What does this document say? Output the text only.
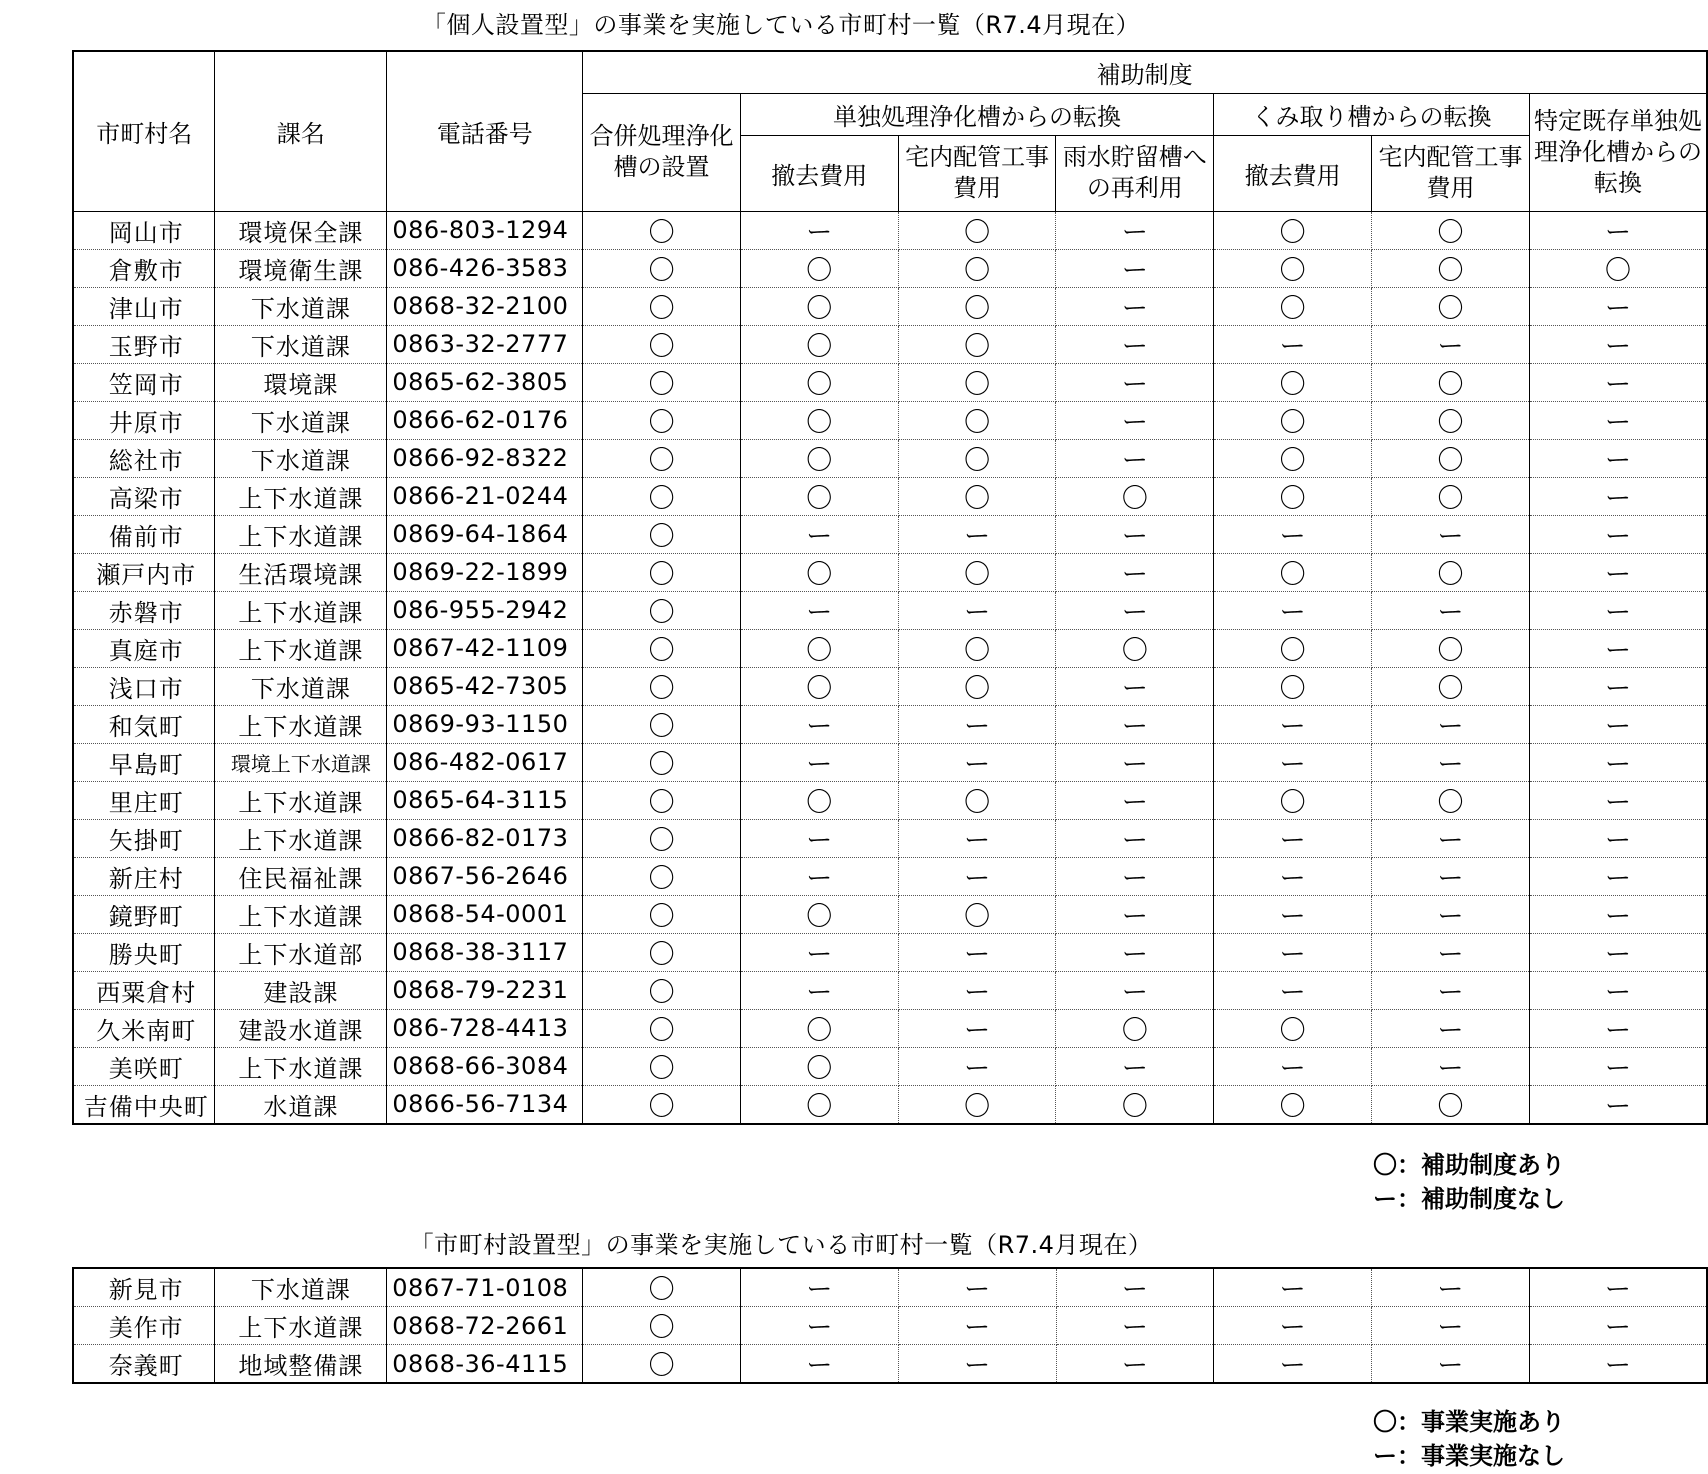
「個人設置型」の事業を実施している市町村一覧（R7.4月現在）
市町村名	課名	電話番号	補助制度						
			合併処理浄化槽の設置	単独処理浄化槽からの転換			くみ取り槽からの転換		特定既存単独処理浄化槽からの転換
				撤去費用	宅内配管工事費用	雨水貯留槽への再利用	撤去費用	宅内配管工事費用	
岡山市	環境保全課	086-803-1294	〇	ー	〇	ー	〇	〇	ー
倉敷市	環境衛生課	086-426-3583	〇	〇	〇	ー	〇	〇	〇
津山市	下水道課	0868-32-2100	〇	〇	〇	ー	〇	〇	ー
玉野市	下水道課	0863-32-2777	〇	〇	〇	ー	ー	ー	ー
笠岡市	環境課	0865-62-3805	〇	〇	〇	ー	〇	〇	ー
井原市	下水道課	0866-62-0176	〇	〇	〇	ー	〇	〇	ー
総社市	下水道課	0866-92-8322	〇	〇	〇	ー	〇	〇	ー
高梁市	上下水道課	0866-21-0244	〇	〇	〇	〇	〇	〇	ー
備前市	上下水道課	0869-64-1864	〇	ー	ー	ー	ー	ー	ー
瀬戸内市	生活環境課	0869-22-1899	〇	〇	〇	ー	〇	〇	ー
赤磐市	上下水道課	086-955-2942	〇	ー	ー	ー	ー	ー	ー
真庭市	上下水道課	0867-42-1109	〇	〇	〇	〇	〇	〇	ー
浅口市	下水道課	0865-42-7305	〇	〇	〇	ー	〇	〇	ー
和気町	上下水道課	0869-93-1150	〇	ー	ー	ー	ー	ー	ー
早島町	環境上下水道課	086-482-0617	〇	ー	ー	ー	ー	ー	ー
里庄町	上下水道課	0865-64-3115	〇	〇	〇	ー	〇	〇	ー
矢掛町	上下水道課	0866-82-0173	〇	ー	ー	ー	ー	ー	ー
新庄村	住民福祉課	0867-56-2646	〇	ー	ー	ー	ー	ー	ー
鏡野町	上下水道課	0868-54-0001	〇	〇	〇	ー	ー	ー	ー
勝央町	上下水道部	0868-38-3117	〇	ー	ー	ー	ー	ー	ー
西粟倉村	建設課	0868-79-2231	〇	ー	ー	ー	ー	ー	ー
久米南町	建設水道課	086-728-4413	〇	〇	ー	〇	〇	ー	ー
美咲町	上下水道課	0868-66-3084	〇	〇	ー	ー	ー	ー	ー
吉備中央町	水道課	0866-56-7134	〇	〇	〇	〇	〇	〇	ー
〇：補助制度あり
ー：補助制度なし
「市町村設置型」の事業を実施している市町村一覧（R7.4月現在）
新見市	下水道課	0867-71-0108	〇	ー	ー	ー	ー	ー	ー
美作市	上下水道課	0868-72-2661	〇	ー	ー	ー	ー	ー	ー
奈義町	地域整備課	0868-36-4115	〇	ー	ー	ー	ー	ー	ー
〇：事業実施あり
ー：事業実施なし
